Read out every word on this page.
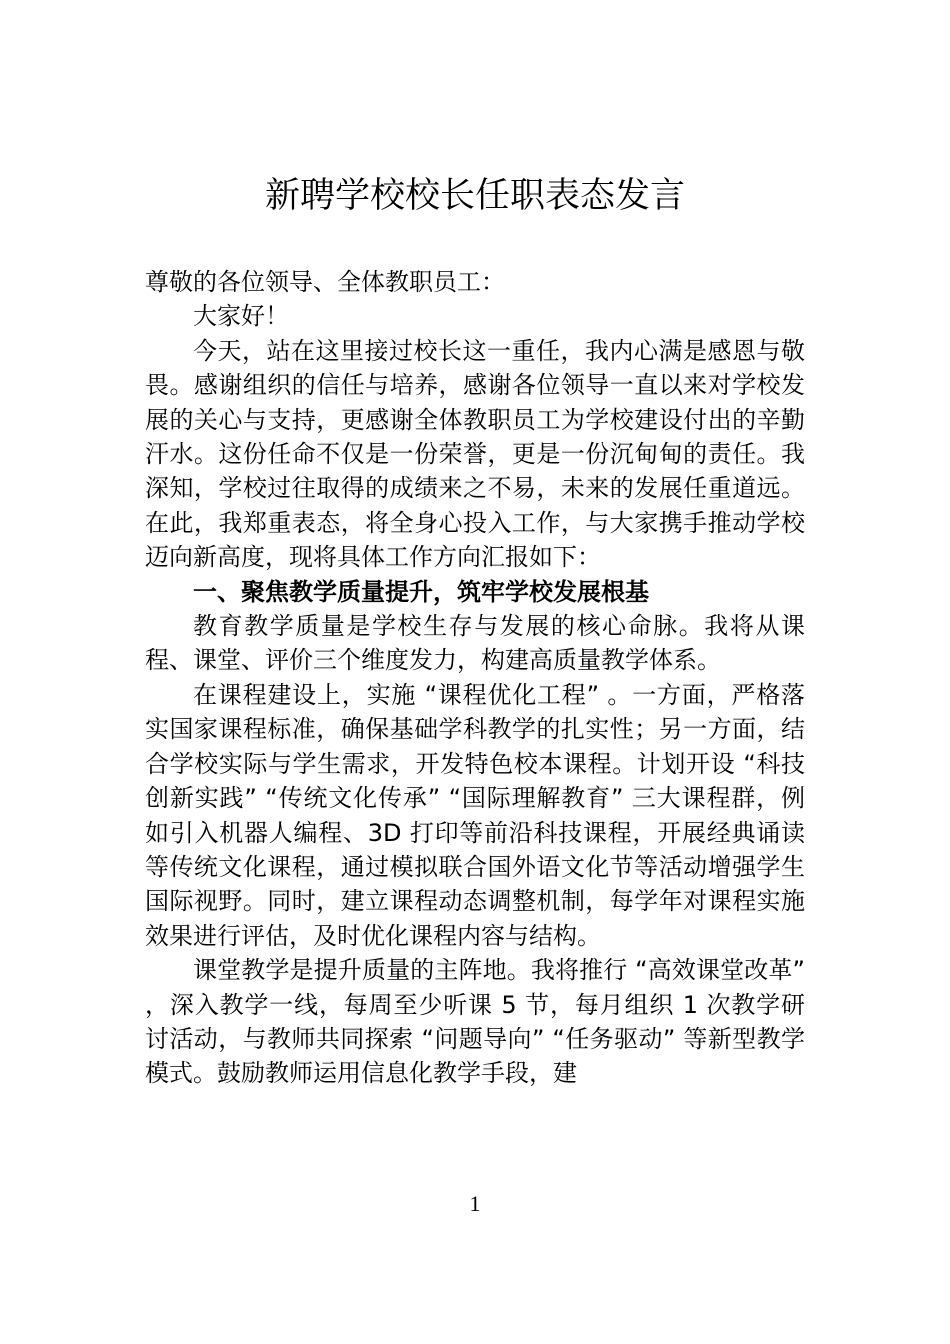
新聘学校校长任职表态发言

尊敬的各位领导、全体教职员工：

大家好！

今天，站在这里接过校长这一重任，我内心满是感恩与敬畏。感谢组织的信任与培养，感谢各位领导一直以来对学校发展的关心与支持，更感谢全体教职员工为学校建设付出的辛勤汗水。这份任命不仅是一份荣誉，更是一份沉甸甸的责任。我深知，学校过往取得的成绩来之不易，未来的发展任重道远。在此，我郑重表态，将全身心投入工作，与大家携手推动学校迈向新高度，现将具体工作方向汇报如下：

一、聚焦教学质量提升，筑牢学校发展根基

教育教学质量是学校生存与发展的核心命脉。我将从课程、课堂、评价三个维度发力，构建高质量教学体系。

在课程建设上，实施 “课程优化工程” 。一方面，严格落实国家课程标准，确保基础学科教学的扎实性；另一方面，结合学校实际与学生需求，开发特色校本课程。计划开设 “科技创新实践” “传统文化传承” “国际理解教育” 三大课程群，例如引入机器人编程、3D 打印等前沿科技课程，开展经典诵读等传统文化课程，通过模拟联合国外语文化节等活动增强学生国际视野。同时，建立课程动态调整机制，每学年对课程实施效果进行评估，及时优化课程内容与结构。

课堂教学是提升质量的主阵地。我将推行 “高效课堂改革” ，深入教学一线，每周至少听课 5 节，每月组织 1 次教学研讨活动，与教师共同探索 “问题导向” “任务驱动” 等新型教学模式。鼓励教师运用信息化教学手段，建

1
